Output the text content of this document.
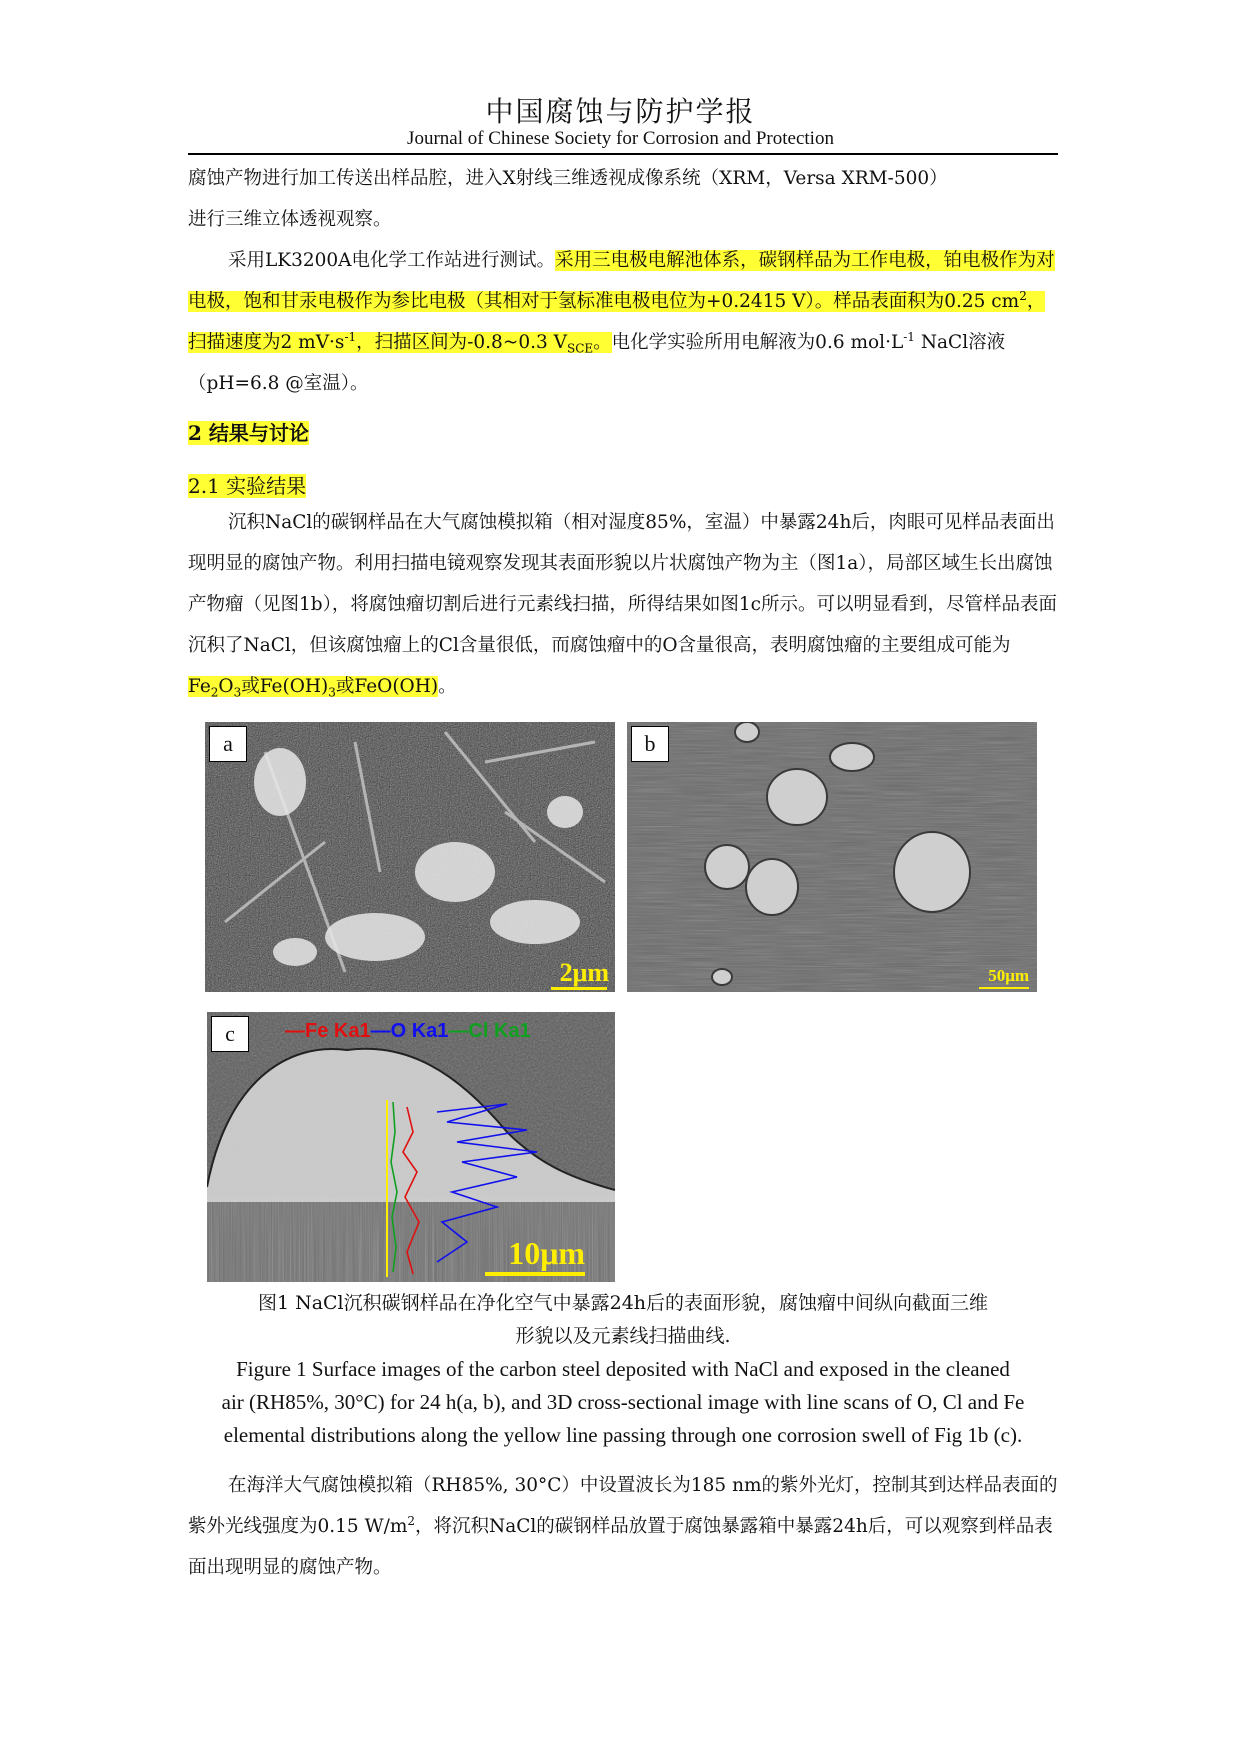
中国腐蚀与防护学报
Journal of Chinese Society for Corrosion and Protection

腐蚀产物进行加工传送出样品腔，进入X射线三维透视成像系统（XRM，Versa XRM-500）
进行三维立体透视观察。

采用LK3200A电化学工作站进行测试。采用三电极电解池体系，碳钢样品为工作电极，铂电极作为对电极，饱和甘汞电极作为参比电极（其相对于氢标准电极电位为+0.2415 V）。样品表面积为0.25 $cm^2$，扫描速度为2 $mV\cdot s^{-1}$，扫描区间为-0.8~0.3 $V_{SCE}$。电化学实验所用电解液为0.6 $mol\cdot L^{-1}$ NaCl溶液（pH=6.8 @室温）。

2 结果与讨论
2.1 实验结果

沉积NaCl的碳钢样品在大气腐蚀模拟箱（相对湿度85%，室温）中暴露24h后，肉眼可见样品表面出现明显的腐蚀产物。利用扫描电镜观察发现其表面形貌以片状腐蚀产物为主（图1a），局部区域生长出腐蚀产物瘤（见图1b），将腐蚀瘤切割后进行元素线扫描，所得结果如图1c所示。可以明显看到，尽管样品表面沉积了NaCl，但该腐蚀瘤上的Cl含量很低，而腐蚀瘤中的O含量很高，表明腐蚀瘤的主要组成可能为$Fe_2O_3$或$Fe(OH)_3$或FeO(OH)。

a
2μm
b
50μm
c	—Fe Ka1—O Ka1—Cl Ka1
10μm

图1 NaCl沉积碳钢样品在净化空气中暴露24h后的表面形貌，腐蚀瘤中间纵向截面三维
形貌以及元素线扫描曲线.

Figure 1 Surface images of the carbon steel deposited with NaCl and exposed in the cleaned
air (RH85%, 30°C) for 24 h(a, b), and 3D cross-sectional image with line scans of O, Cl and Fe
elemental distributions along the yellow line passing through one corrosion swell of Fig 1b (c).

在海洋大气腐蚀模拟箱（RH85%, 30°C）中设置波长为185 nm的紫外光灯，控制其到达样品表面的紫外光线强度为0.15 $W/m^2$，将沉积NaCl的碳钢样品放置于腐蚀暴露箱中暴露24h后，可以观察到样品表面出现明显的腐蚀产物。
